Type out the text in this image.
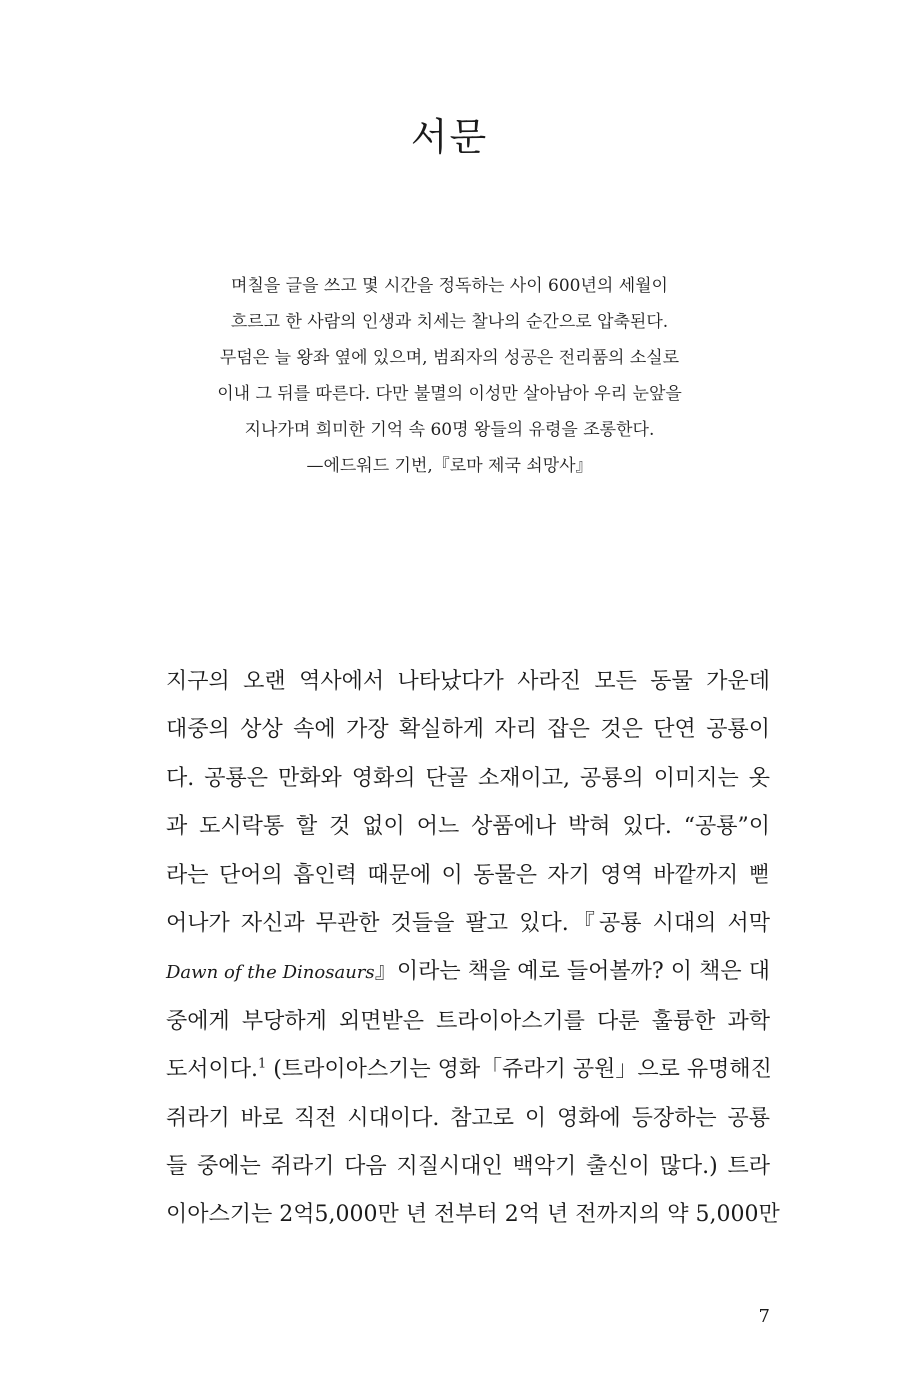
서문
며칠을 글을 쓰고 몇 시간을 정독하는 사이 600년의 세월이
흐르고 한 사람의 인생과 치세는 찰나의 순간으로 압축된다.
무덤은 늘 왕좌 옆에 있으며, 범죄자의 성공은 전리품의 소실로
이내 그 뒤를 따른다. 다만 불멸의 이성만 살아남아 우리 눈앞을
지나가며 희미한 기억 속 60명 왕들의 유령을 조롱한다.
—에드워드 기번,『로마 제국 쇠망사』
지구의 오랜 역사에서 나타났다가 사라진 모든 동물 가운데
대중의 상상 속에 가장 확실하게 자리 잡은 것은 단연 공룡이
다. 공룡은 만화와 영화의 단골 소재이고, 공룡의 이미지는 옷
과 도시락통 할 것 없이 어느 상품에나 박혀 있다. “공룡”이
라는 단어의 흡인력 때문에 이 동물은 자기 영역 바깥까지 뻗
어나가 자신과 무관한 것들을 팔고 있다.『공룡 시대의 서막
Dawn of the Dinosaurs』이라는 책을 예로 들어볼까? 이 책은 대
중에게 부당하게 외면받은 트라이아스기를 다룬 훌륭한 과학
도서이다.$^1$ (트라이아스기는 영화「쥬라기 공원」으로 유명해진
쥐라기 바로 직전 시대이다. 참고로 이 영화에 등장하는 공룡
들 중에는 쥐라기 다음 지질시대인 백악기 출신이 많다.) 트라
이아스기는 2억5,000만 년 전부터 2억 년 전까지의 약 5,000만
7
